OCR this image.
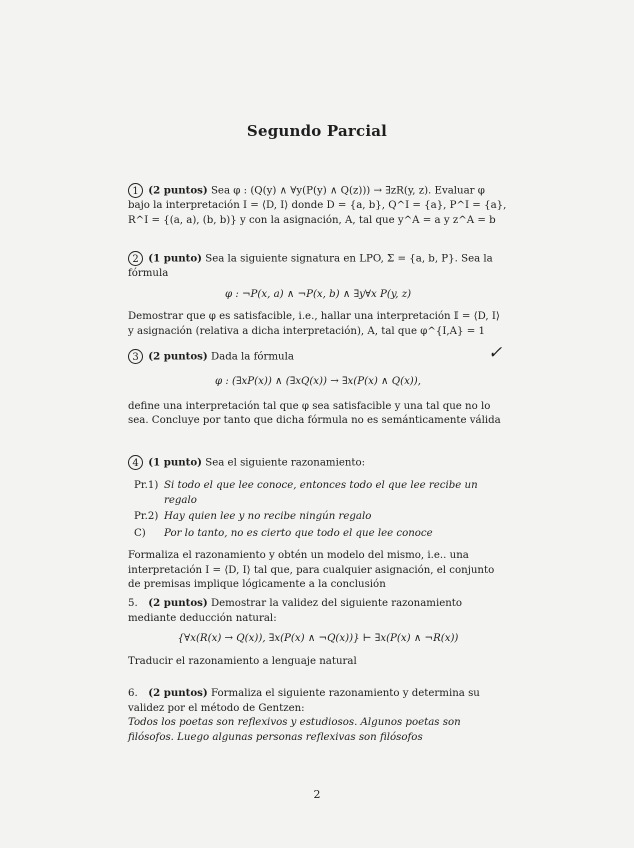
Segundo Parcial

1 (2 puntos) Sea φ : (Q(y) ∧ ∀y(P(y) ∧ Q(z))) → ∃zR(y, z). Evaluar φ bajo la interpretación I = ⟨D, I⟩ donde D = {a, b}, Q^I = {a}, P^I = {a}, R^I = {(a, a), (b, b)} y con la asignación, A, tal que y^A = a y z^A = b

2 (1 punto) Sea la siguiente signatura en LPO, Σ = {a, b, P}. Sea la fórmula

φ : ¬P(x, a) ∧ ¬P(x, b) ∧ ∃y∀x P(y, z)

Demostrar que φ es satisfacible, i.e., hallar una interpretación 𝕀 = ⟨D, I⟩ y asignación (relativa a dicha interpretación), A, tal que φ^{I,A} = 1

3 (2 puntos) Dada la fórmula

φ : (∃xP(x)) ∧ (∃xQ(x)) → ∃x(P(x) ∧ Q(x)),

define una interpretación tal que φ sea satisfacible y una tal que no lo sea. Concluye por tanto que dicha fórmula no es semánticamente válida

✓

4 (1 punto) Sea el siguiente razonamiento:

Pr.1) Si todo el que lee conoce, entonces todo el que lee recibe un regalo
Pr.2) Hay quien lee y no recibe ningún regalo
C)	Por lo tanto, no es cierto que todo el que lee conoce

Formaliza el razonamiento y obtén un modelo del mismo, i.e.. una interpretación I = ⟨D, I⟩ tal que, para cualquier asignación, el conjunto de premisas implique lógicamente a la conclusión

5. (2 puntos) Demostrar la validez del siguiente razonamiento mediante deducción natural:

{∀x(R(x) → Q(x)), ∃x(P(x) ∧ ¬Q(x))} ⊢ ∃x(P(x) ∧ ¬R(x))

Traducir el razonamiento a lenguaje natural

6. (2 puntos) Formaliza el siguiente razonamiento y determina su validez por el método de Gentzen:

Todos los poetas son reflexivos y estudiosos. Algunos poetas son filósofos. Luego algunas personas reflexivas son filósofos

2
